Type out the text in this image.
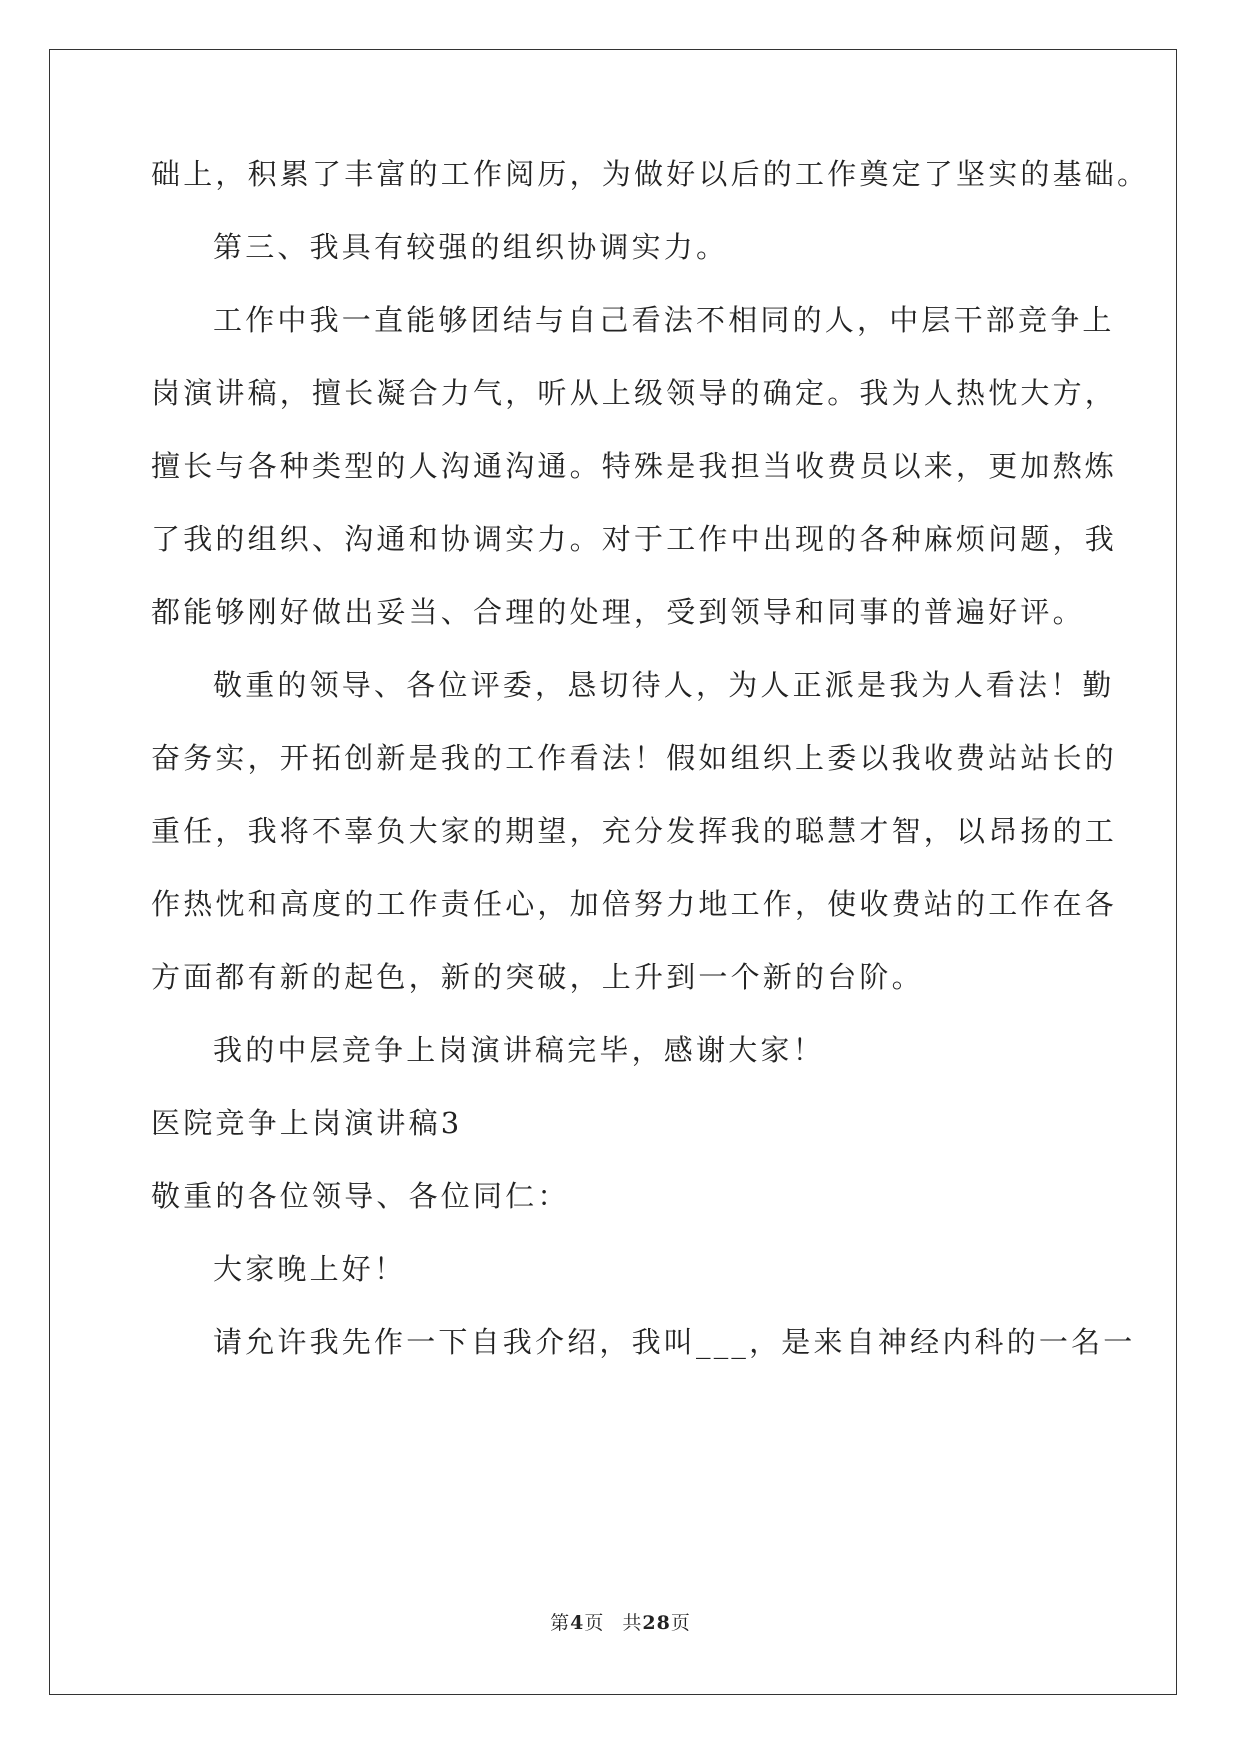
础上，积累了丰富的工作阅历，为做好以后的工作奠定了坚实的基础。
第三、我具有较强的组织协调实力。
工作中我一直能够团结与自己看法不相同的人，中层干部竞争上
岗演讲稿，擅长凝合力气，听从上级领导的确定。我为人热忱大方，
擅长与各种类型的人沟通沟通。特殊是我担当收费员以来，更加熬炼
了我的组织、沟通和协调实力。对于工作中出现的各种麻烦问题，我
都能够刚好做出妥当、合理的处理，受到领导和同事的普遍好评。
敬重的领导、各位评委，恳切待人，为人正派是我为人看法！勤
奋务实，开拓创新是我的工作看法！假如组织上委以我收费站站长的
重任，我将不辜负大家的期望，充分发挥我的聪慧才智，以昂扬的工
作热忱和高度的工作责任心，加倍努力地工作，使收费站的工作在各
方面都有新的起色，新的突破，上升到一个新的台阶。
我的中层竞争上岗演讲稿完毕，感谢大家！
医院竞争上岗演讲稿3
敬重的各位领导、各位同仁：
大家晚上好！
请允许我先作一下自我介绍，我叫___，是来自神经内科的一名一
第4页 共28页
